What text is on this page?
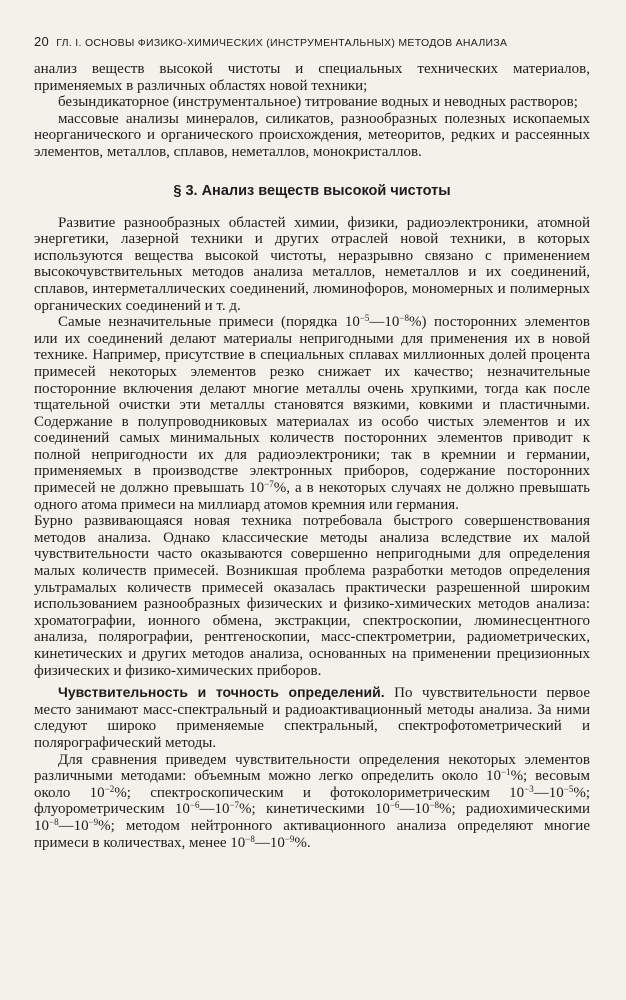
20 ГЛ. I. ОСНОВЫ ФИЗИКО-ХИМИЧЕСКИХ (ИНСТРУМЕНТАЛЬНЫХ) МЕТОДОВ АНАЛИЗА

анализ веществ высокой чистоты и специальных технических материалов, применяемых в различных областях новой техники;

безындикаторное (инструментальное) титрование водных и неводных растворов;

массовые анализы минералов, силикатов, разнообразных полезных ископаемых неорганического и органического происхождения, метеоритов, редких и рассеянных элементов, металлов, сплавов, неметаллов, монокристаллов.

§ 3. Анализ веществ высокой чистоты

Развитие разнообразных областей химии, физики, радиоэлектроники, атомной энергетики, лазерной техники и других отраслей новой техники, в которых используются вещества высокой чистоты, неразрывно связано с применением высокочувствительных методов анализа металлов, неметаллов и их соединений, сплавов, интерметаллических соединений, люминофоров, мономерных и полимерных органических соединений и т. д.

Самые незначительные примеси (порядка $10^{-5}—10^{-8}\%$) посторонних элементов или их соединений делают материалы непригодными для применения их в новой технике. Например, присутствие в специальных сплавах миллионных долей процента примесей некоторых элементов резко снижает их качество; незначительные посторонние включения делают многие металлы очень хрупкими, тогда как после тщательной очистки эти металлы становятся вязкими, ковкими и пластичными. Содержание в полупроводниковых материалах из особо чистых элементов и их соединений самых минимальных количеств посторонних элементов приводит к полной непригодности их для радиоэлектроники; так в кремнии и германии, применяемых в производстве электронных приборов, содержание посторонних примесей не должно превышать $10^{-7}\%$, а в некоторых случаях не должно превышать одного атома примеси на миллиард атомов кремния или германия.

Бурно развивающаяся новая техника потребовала быстрого совершенствования методов анализа. Однако классические методы анализа вследствие их малой чувствительности часто оказываются совершенно непригодными для определения малых количеств примесей. Возникшая проблема разработки методов определения ультрамалых количеств примесей оказалась практически разрешенной широким использованием разнообразных физических и физико-химических методов анализа: хроматографии, ионного обмена, экстракции, спектроскопии, люминесцентного анализа, полярографии, рентгеноскопии, масс-спектрометрии, радиометрических, кинетических и других методов анализа, основанных на применении прецизионных физических и физико-химических приборов.

Чувствительность и точность определений. По чувствительности первое место занимают масс-спектральный и радиоактивационный методы анализа. За ними следуют широко применяемые спектральный, спектрофотометрический и полярографический методы.

Для сравнения приведем чувствительности определения некоторых элементов различными методами: объемным можно легко определить около $10^{-1}\%$; весовым около $10^{-2}\%$; спектроскопическим и фотоколориметрическим $10^{-3}—10^{-5}\%$; флуорометрическим $10^{-6}—10^{-7}\%$; кинетическими $10^{-6}—10^{-8}\%$; радиохимическими $10^{-8}—10^{-9}\%$; методом нейтронного активационного анализа определяют многие примеси в количествах, менее $10^{-8}—10^{-9}\%$.
